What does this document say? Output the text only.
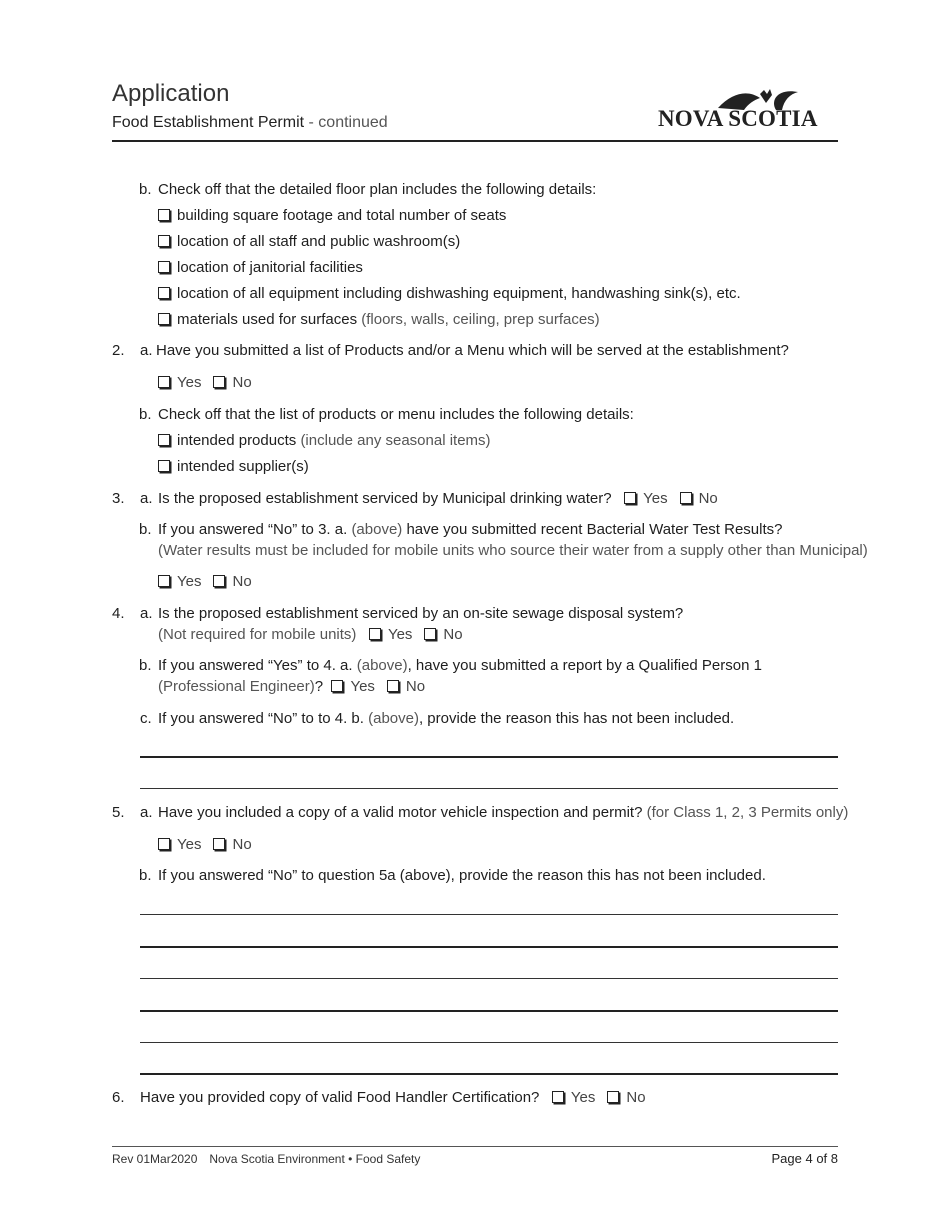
Application
Food Establishment Permit - continued	NOVA SCOTIA
b. Check off that the detailed floor plan includes the following details:
building square footage and total number of seats
location of all staff and public washroom(s)
location of janitorial facilities
location of all equipment including dishwashing equipment, handwashing sink(s), etc.
materials used for surfaces (floors, walls, ceiling, prep surfaces)
2. a. Have you submitted a list of Products and/or a Menu which will be served at the establishment?
Yes No
b. Check off that the list of products or menu includes the following details:
intended products (include any seasonal items)
intended supplier(s)
3. a. Is the proposed establishment serviced by Municipal drinking water? Yes No
b. If you answered “No” to 3. a. (above) have you submitted recent Bacterial Water Test Results?
(Water results must be included for mobile units who source their water from a supply other than Municipal)
Yes No
4. a. Is the proposed establishment serviced by an on-site sewage disposal system?
(Not required for mobile units) Yes No
b. If you answered “Yes” to 4. a. (above), have you submitted a report by a Qualified Person 1
(Professional Engineer)? Yes No
c. If you answered “No” to to 4. b. (above), provide the reason this has not been included.
5. a. Have you included a copy of a valid motor vehicle inspection and permit? (for Class 1, 2, 3 Permits only)
Yes No
b. If you answered “No” to question 5a (above), provide the reason this has not been included.
6. Have you provided copy of valid Food Handler Certification? Yes No
Rev 01Mar2020 Nova Scotia Environment • Food Safety	Page 4 of 8
